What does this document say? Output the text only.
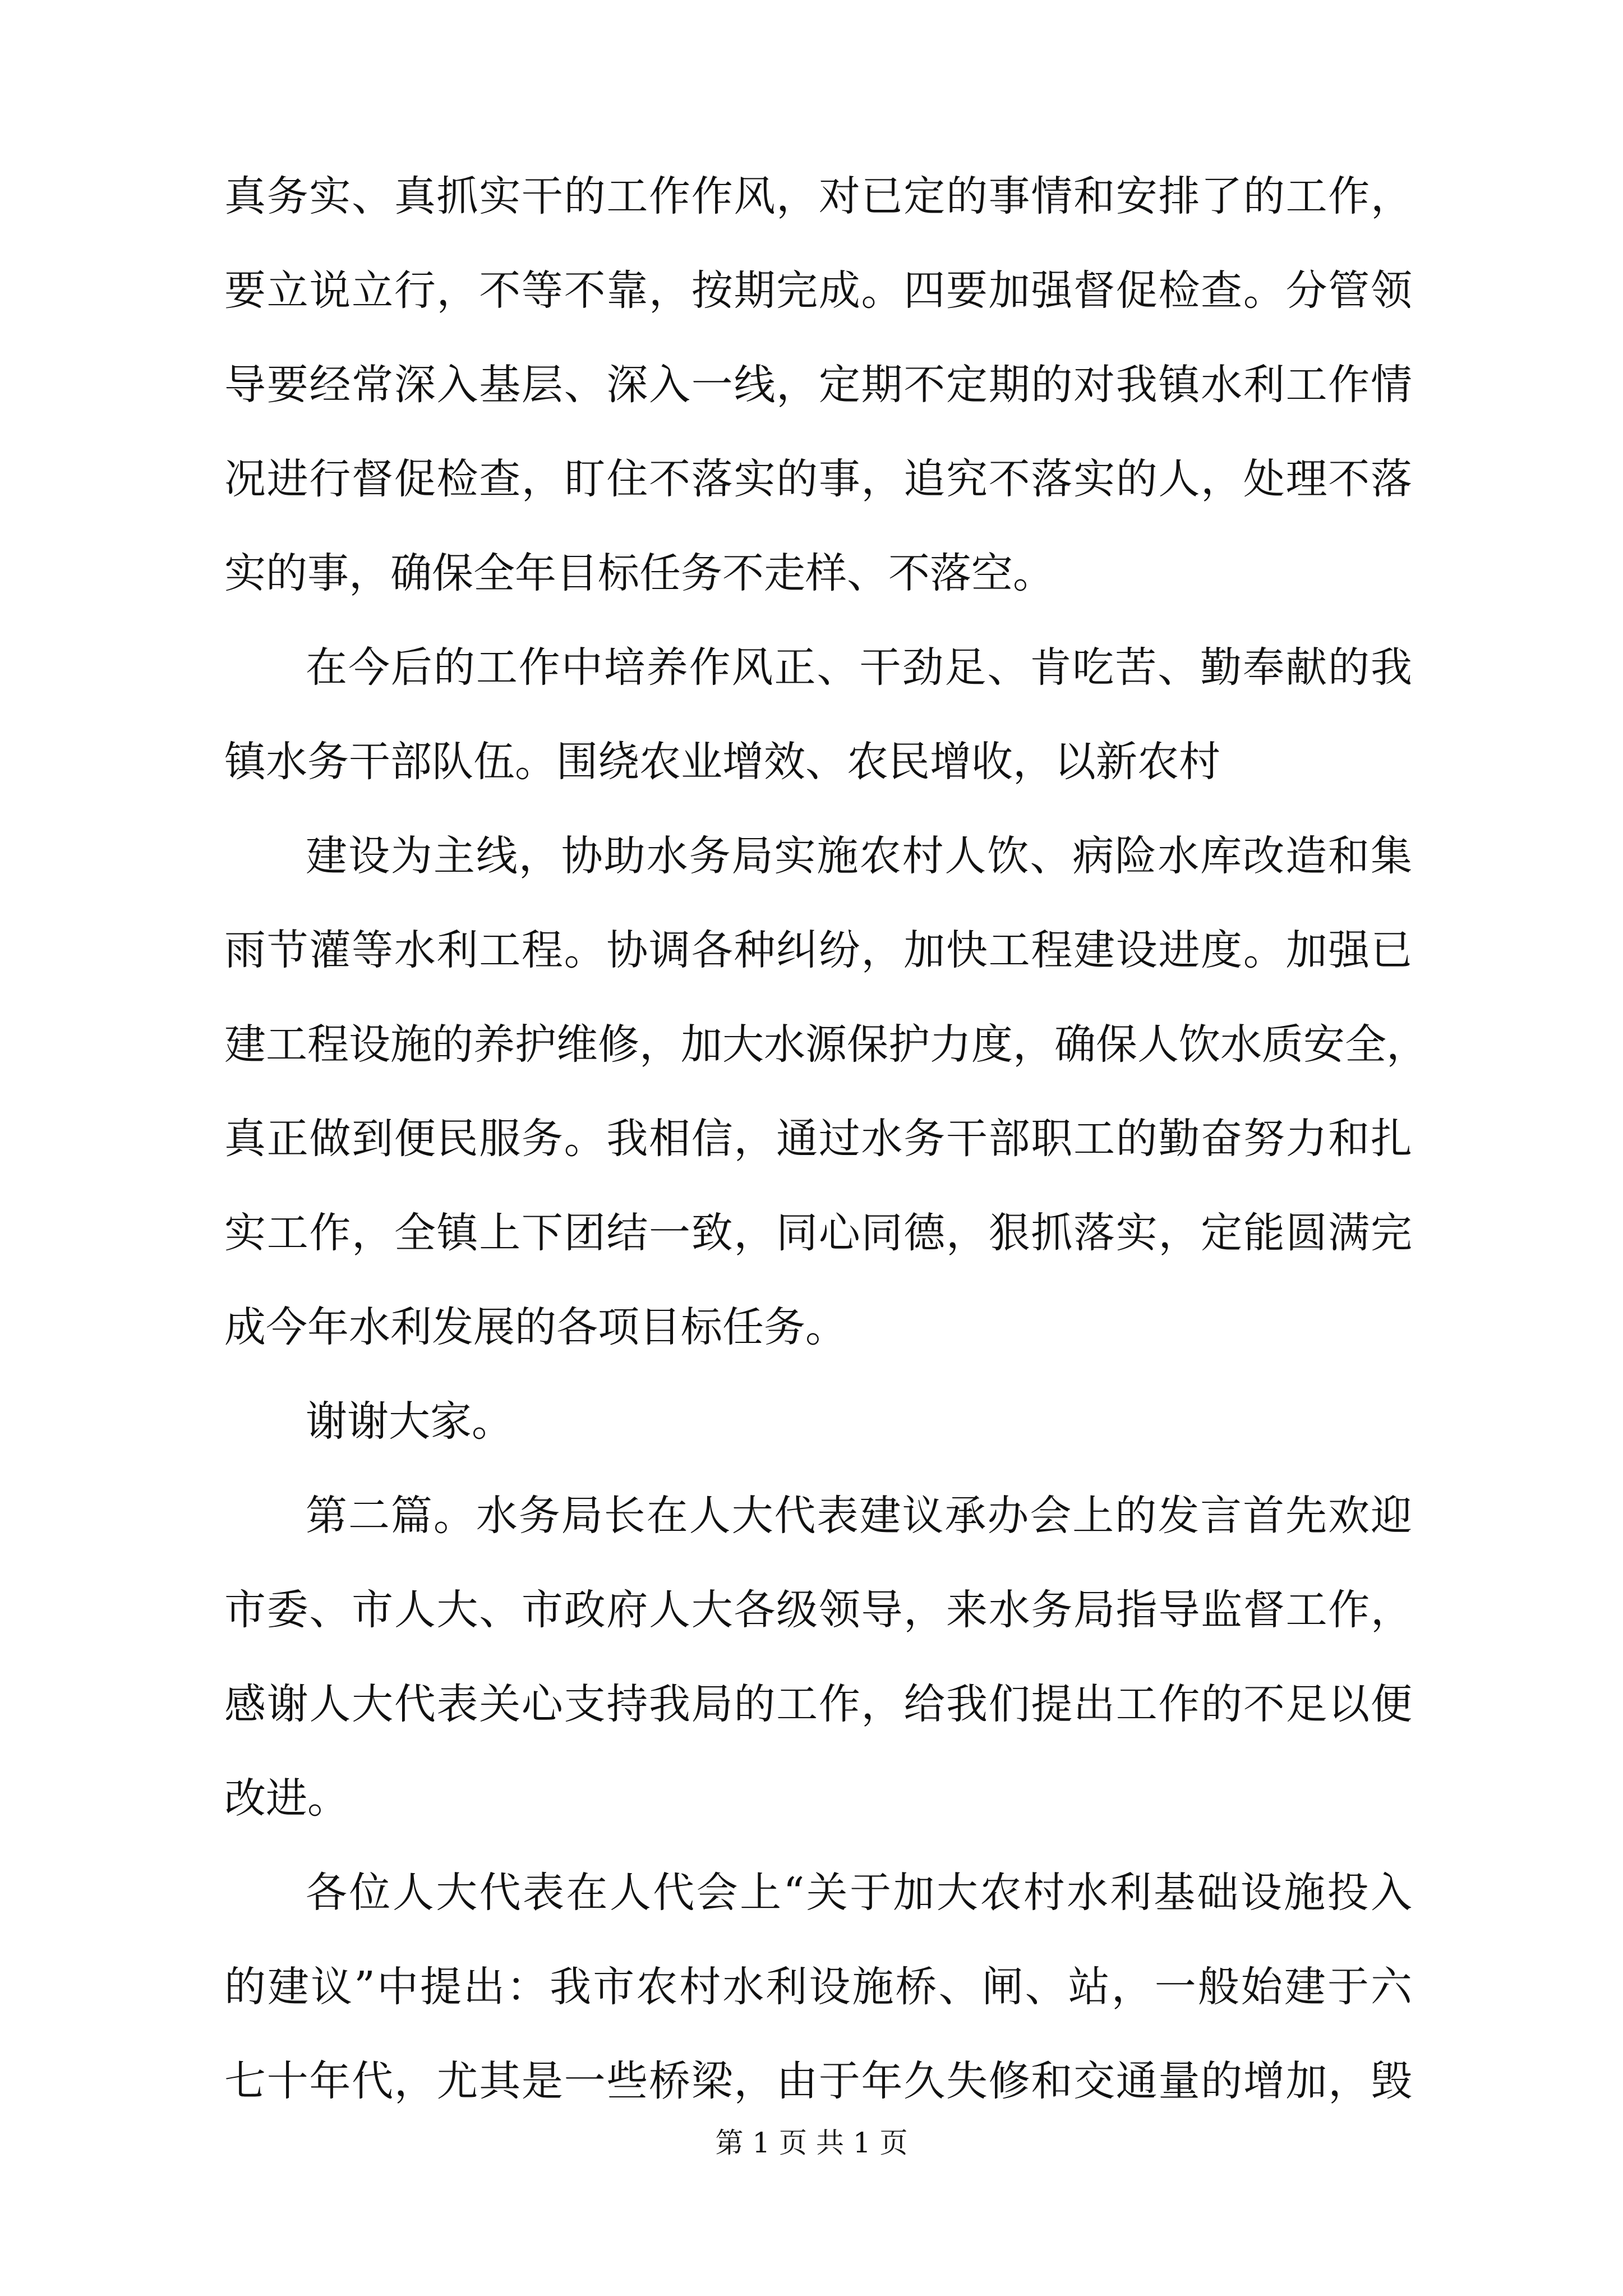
真务实、真抓实干的工作作风，对已定的事情和安排了的工作，
要立说立行，不等不靠，按期完成。四要加强督促检查。分管领
导要经常深入基层、深入一线，定期不定期的对我镇水利工作情
况进行督促检查，盯住不落实的事，追究不落实的人，处理不落
实的事，确保全年目标任务不走样、不落空。
在今后的工作中培养作风正、干劲足、肯吃苦、勤奉献的我
镇水务干部队伍。围绕农业增效、农民增收，以新农村
建设为主线，协助水务局实施农村人饮、病险水库改造和集
雨节灌等水利工程。协调各种纠纷，加快工程建设进度。加强已
建工程设施的养护维修，加大水源保护力度，确保人饮水质安全，
真正做到便民服务。我相信，通过水务干部职工的勤奋努力和扎
实工作，全镇上下团结一致，同心同德，狠抓落实，定能圆满完
成今年水利发展的各项目标任务。
谢谢大家。
第二篇。水务局长在人大代表建议承办会上的发言首先欢迎
市委、市人大、市政府人大各级领导，来水务局指导监督工作，
感谢人大代表关心支持我局的工作，给我们提出工作的不足以便
改进。
各位人大代表在人代会上“关于加大农村水利基础设施投入
的建议”中提出：我市农村水利设施桥、闸、站，一般始建于六
七十年代，尤其是一些桥梁，由于年久失修和交通量的增加，毁
第 1 页 共 1 页
